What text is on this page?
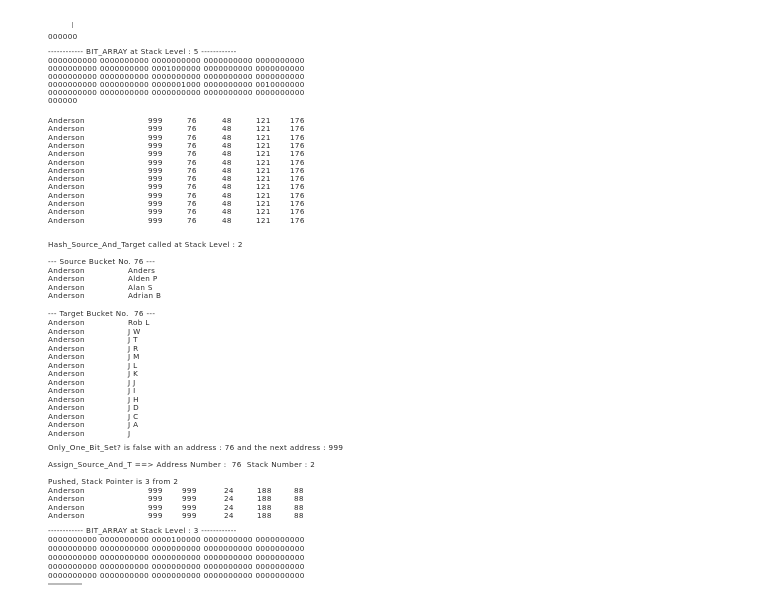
000000
------------ BIT_ARRAY at Stack Level : 5 ------------
0000000000 0000000000 0000000000 0000000000 0000000000
0000000000 0000000000 0001000000 0000000000 0000000000
0000000000 0000000000 0000000000 0000000000 0000000000
0000000000 0000000000 0000001000 0000000000 0010000000
0000000000 0000000000 0000000000 0000000000 0000000000
000000
Anderson	999	76	48	121	176
Anderson	999	76	48	121	176
Anderson	999	76	48	121	176
Anderson	999	76	48	121	176
Anderson	999	76	48	121	176
Anderson	999	76	48	121	176
Anderson	999	76	48	121	176
Anderson	999	76	48	121	176
Anderson	999	76	48	121	176
Anderson	999	76	48	121	176
Anderson	999	76	48	121	176
Anderson	999	76	48	121	176
Anderson	999	76	48	121	176
Hash_Source_And_Target called at Stack Level : 2
--- Source Bucket No. 76 ---
Anderson	Anders
Anderson	Alden P
Anderson	Alan S
Anderson	Adrian B
--- Target Bucket No.  76 ---
Anderson	Rob L
Anderson	J W
Anderson	J T
Anderson	J R
Anderson	J M
Anderson	J L
Anderson	J K
Anderson	J J
Anderson	J I
Anderson	J H
Anderson	J D
Anderson	J C
Anderson	J A
Anderson	J
Only_One_Bit_Set? is false with an address : 76 and the next address : 999
Assign_Source_And_T ==> Address Number :  76  Stack Number : 2
Pushed, Stack Pointer is 3 from 2
Anderson	999	999	24	188	88
Anderson	999	999	24	188	88
Anderson	999	999	24	188	88
Anderson	999	999	24	188	88
------------ BIT_ARRAY at Stack Level : 3 ------------
0000000000 0000000000 0000100000 0000000000 0000000000
0000000000 0000000000 0000000000 0000000000 0000000000
0000000000 0000000000 0000000000 0000000000 0000000000
0000000000 0000000000 0000000000 0000000000 0000000000
0000000000 0000000000 0000000000 0000000000 0000000000
